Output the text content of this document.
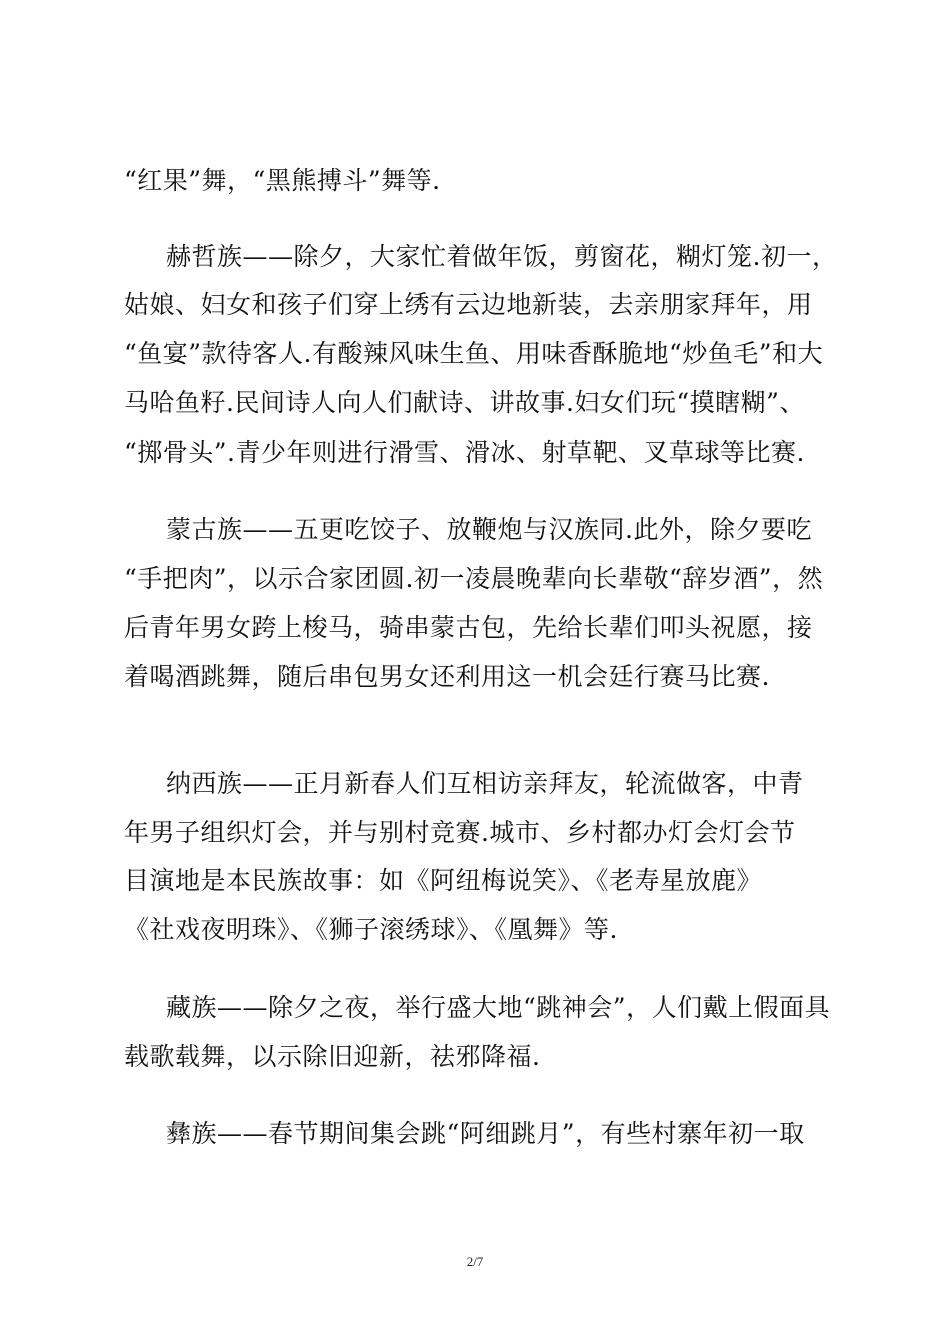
“红果”舞，“黑熊搏斗”舞等.
赫哲族——除夕，大家忙着做年饭，剪窗花，糊灯笼.初一，
姑娘、妇女和孩子们穿上绣有云边地新装，去亲朋家拜年，用
“鱼宴”款待客人.有酸辣风味生鱼、用味香酥脆地“炒鱼毛”和大
马哈鱼籽.民间诗人向人们献诗、讲故事.妇女们玩“摸瞎糊”、
“掷骨头”.青少年则进行滑雪、滑冰、射草靶、叉草球等比赛.
蒙古族——五更吃饺子、放鞭炮与汉族同.此外，除夕要吃
“手把肉”，以示合家团圆.初一凌晨晚辈向长辈敬“辞岁酒”，然
后青年男女跨上梭马，骑串蒙古包，先给长辈们叩头祝愿，接
着喝酒跳舞，随后串包男女还利用这一机会廷行赛马比赛.
纳西族——正月新春人们互相访亲拜友，轮流做客，中青
年男子组织灯会，并与别村竞赛.城市、乡村都办灯会灯会节
目演地是本民族故事：如《阿纽梅说笑》、《老寿星放鹿》
《社戏夜明珠》、《狮子滚绣球》、《凰舞》等.
藏族——除夕之夜，举行盛大地“跳神会”，人们戴上假面具
载歌载舞，以示除旧迎新，祛邪降福.
彝族——春节期间集会跳“阿细跳月”，有些村寨年初一取
2/7
